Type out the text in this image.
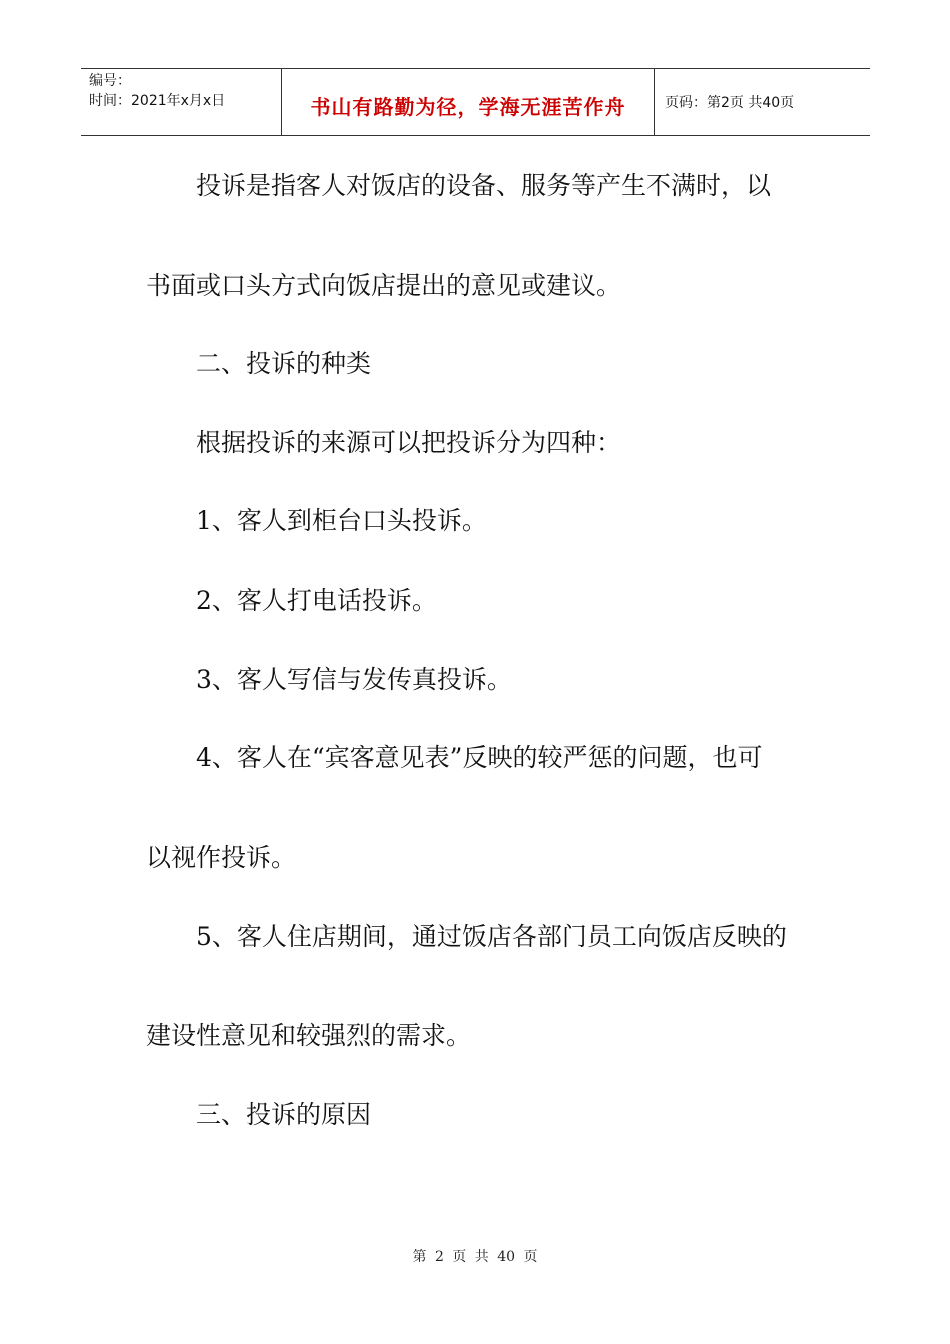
编号：
时间：2021年x月x日	书山有路勤为径，学海无涯苦作舟	页码：第2页 共40页
投诉是指客人对饭店的设备、服务等产生不满时，以
书面或口头方式向饭店提出的意见或建议。
二、投诉的种类
根据投诉的来源可以把投诉分为四种：
1、客人到柜台口头投诉。
2、客人打电话投诉。
3、客人写信与发传真投诉。
4、客人在“宾客意见表”反映的较严惩的问题，也可
以视作投诉。
5、客人住店期间，通过饭店各部门员工向饭店反映的
建设性意见和较强烈的需求。
三、投诉的原因
第 2 页 共 40 页
